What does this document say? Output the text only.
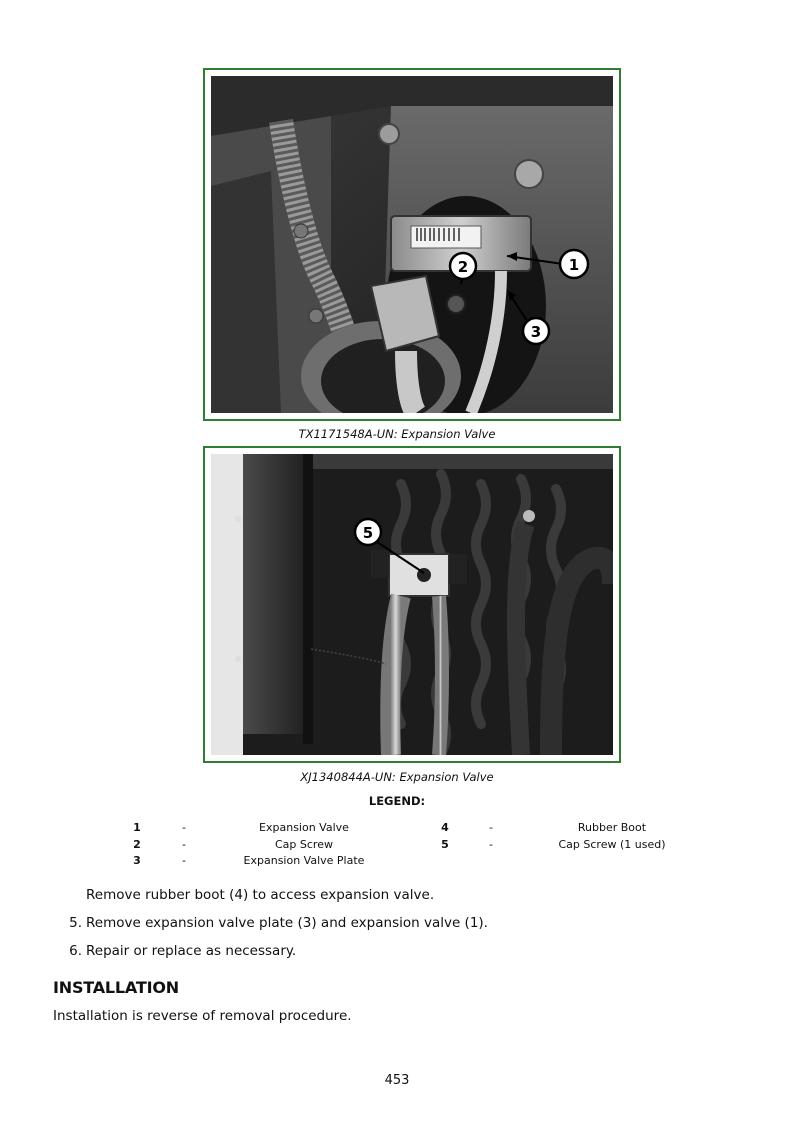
1
2
3
TX1171548A-UN: Expansion Valve
5
XJ1340844A-UN: Expansion Valve
LEGEND:
1	-	Expansion Valve	4	-	Rubber Boot
2	-	Cap Screw	5	-	Cap Screw (1 used)
3	-	Expansion Valve Plate
Remove rubber boot (4) to access expansion valve.
5. Remove expansion valve plate (3) and expansion valve (1).
6. Repair or replace as necessary.
INSTALLATION
Installation is reverse of removal procedure.
453
